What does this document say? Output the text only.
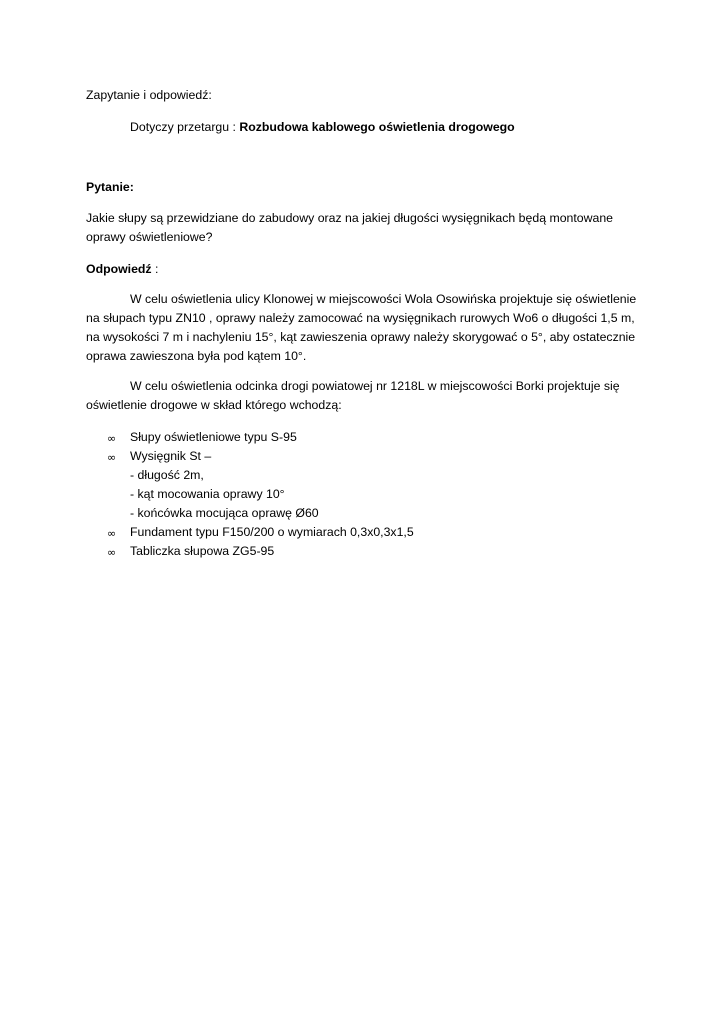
Zapytanie i odpowiedź:
Dotyczy przetargu : Rozbudowa kablowego oświetlenia drogowego
Pytanie:
Jakie słupy są przewidziane do zabudowy oraz na jakiej długości wysięgnikach będą montowane
oprawy oświetleniowe?
Odpowiedź :
W celu oświetlenia ulicy Klonowej w miejscowości Wola Osowińska projektuje się oświetlenie
na słupach typu ZN10 , oprawy należy zamocować na wysięgnikach rurowych Wo6 o długości 1,5 m,
na wysokości 7 m i nachyleniu 15°, kąt zawieszenia oprawy należy skorygować o 5°, aby ostatecznie
oprawa zawieszona była pod kątem 10°.
W celu oświetlenia odcinka drogi powiatowej nr 1218L w miejscowości Borki projektuje się
oświetlenie drogowe w skład którego wchodzą:
∞ Słupy oświetleniowe typu S-95
∞ Wysięgnik St –
- długość 2m,
- kąt mocowania oprawy 10°
- końcówka mocująca oprawę Ø60
∞ Fundament typu F150/200 o wymiarach 0,3x0,3x1,5
∞ Tabliczka słupowa ZG5-95
